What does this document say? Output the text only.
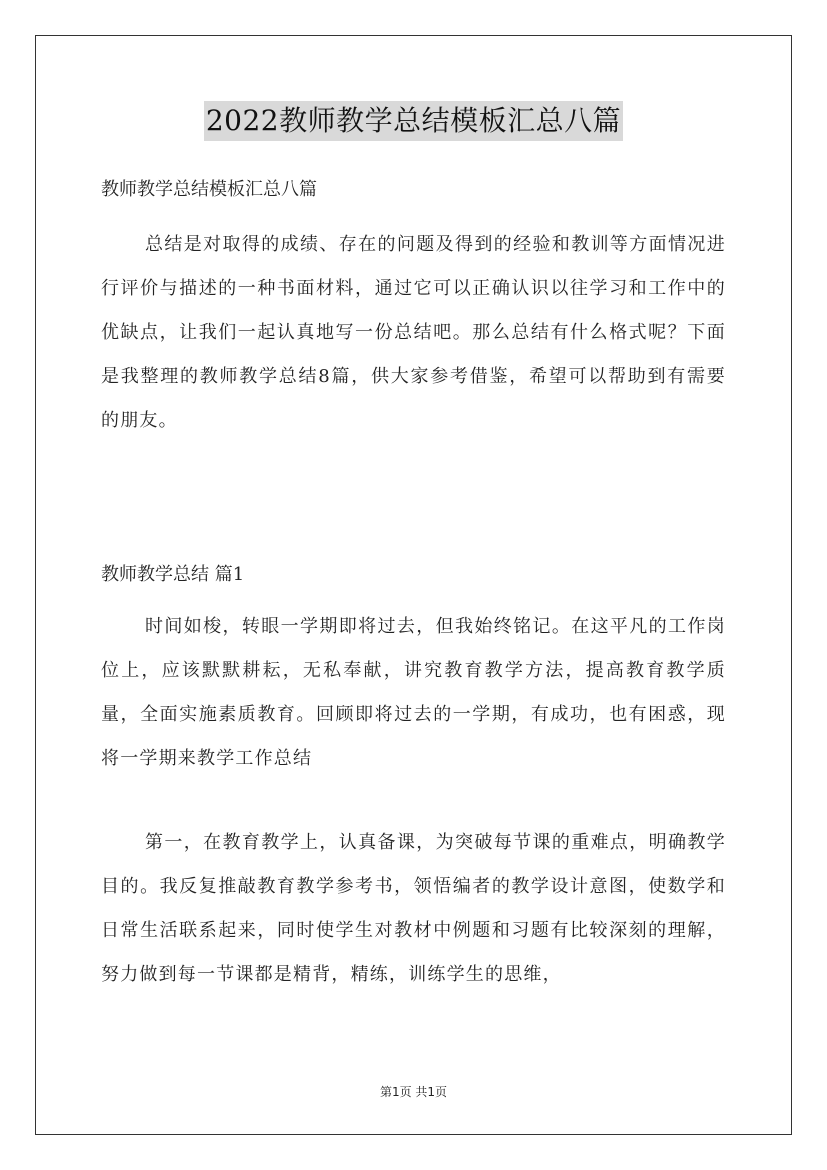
2022教师教学总结模板汇总八篇
教师教学总结模板汇总八篇

总结是对取得的成绩、存在的问题及得到的经验和教训等方面情况进行评价与描述的一种书面材料，通过它可以正确认识以往学习和工作中的优缺点，让我们一起认真地写一份总结吧。那么总结有什么格式呢？下面是我整理的教师教学总结8篇，供大家参考借鉴，希望可以帮助到有需要的朋友。

教师教学总结 篇1

时间如梭，转眼一学期即将过去，但我始终铭记。在这平凡的工作岗位上，应该默默耕耘，无私奉献，讲究教育教学方法，提高教育教学质量，全面实施素质教育。回顾即将过去的一学期，有成功，也有困惑，现将一学期来教学工作总结

第一，在教育教学上，认真备课，为突破每节课的重难点，明确教学目的。我反复推敲教育教学参考书，领悟编者的教学设计意图，使数学和日常生活联系起来，同时使学生对教材中例题和习题有比较深刻的理解，努力做到每一节课都是精背，精练，训练学生的思维，

第1页 共1页
